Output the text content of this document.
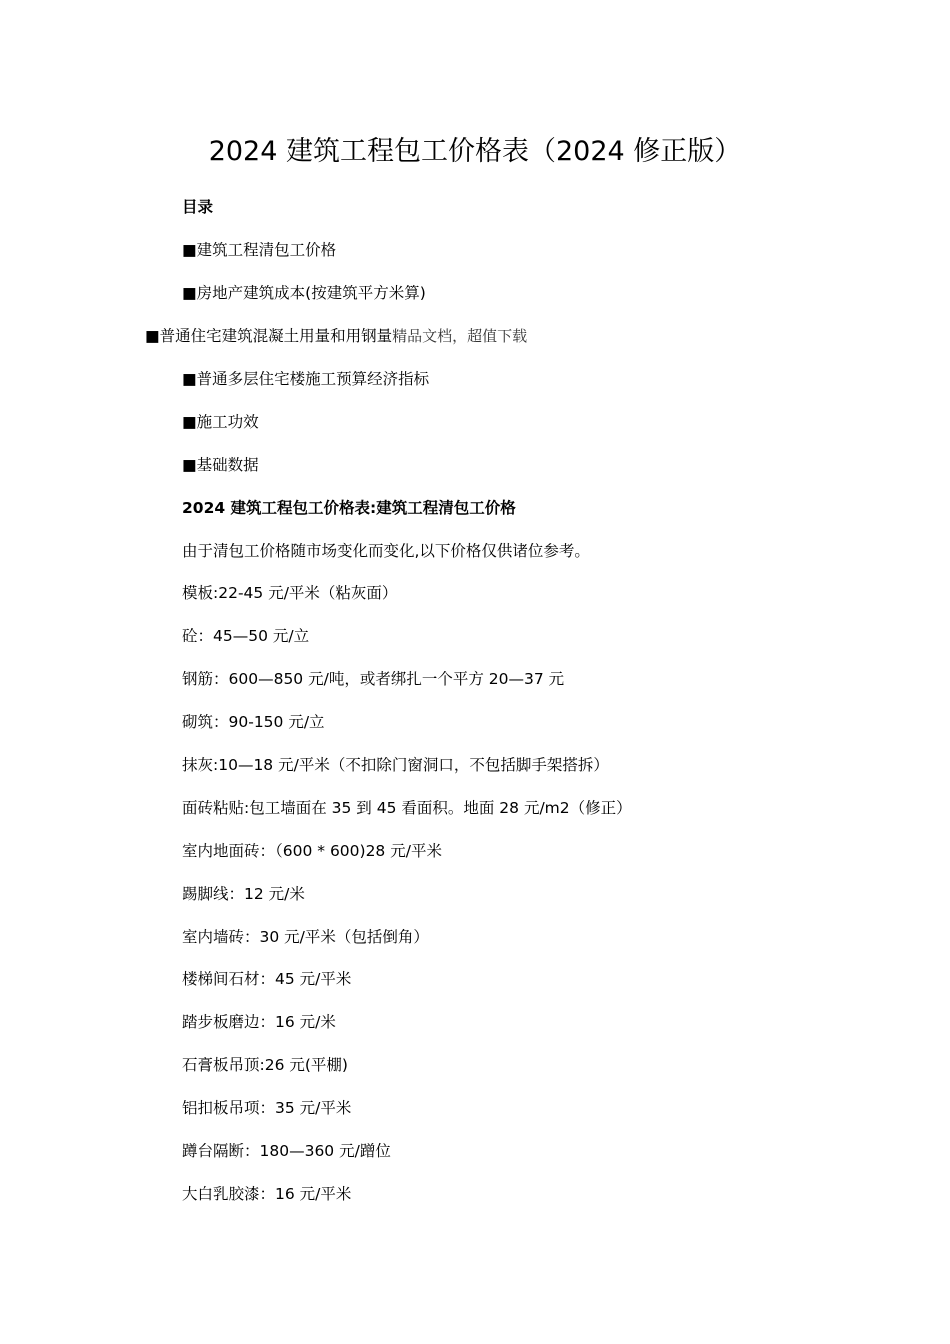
2024 建筑工程包工价格表（2024 修正版）
目录
■建筑工程清包工价格
■房地产建筑成本(按建筑平方米算)
■普通住宅建筑混凝土用量和用钢量精品文档，超值下载
■普通多层住宅楼施工预算经济指标
■施工功效
■基础数据
2024 建筑工程包工价格表:建筑工程清包工价格
由于清包工价格随市场变化而变化,以下价格仅供诸位参考。
模板:22-45 元/平米（粘灰面）
砼：45—50 元/立
钢筋：600—850 元/吨，或者绑扎一个平方 20—37 元
砌筑：90-150 元/立
抹灰:10—18 元/平米（不扣除门窗洞口，不包括脚手架搭拆）
面砖粘贴:包工墙面在 35 到 45 看面积。地面 28 元/m2（修正）
室内地面砖：（600 * 600)28 元/平米
踢脚线：12 元/米
室内墙砖：30 元/平米（包括倒角）
楼梯间石材：45 元/平米
踏步板磨边：16 元/米
石膏板吊顶:26 元(平棚)
铝扣板吊项：35 元/平米
蹲台隔断：180—360 元/蹭位
大白乳胶漆：16 元/平米
